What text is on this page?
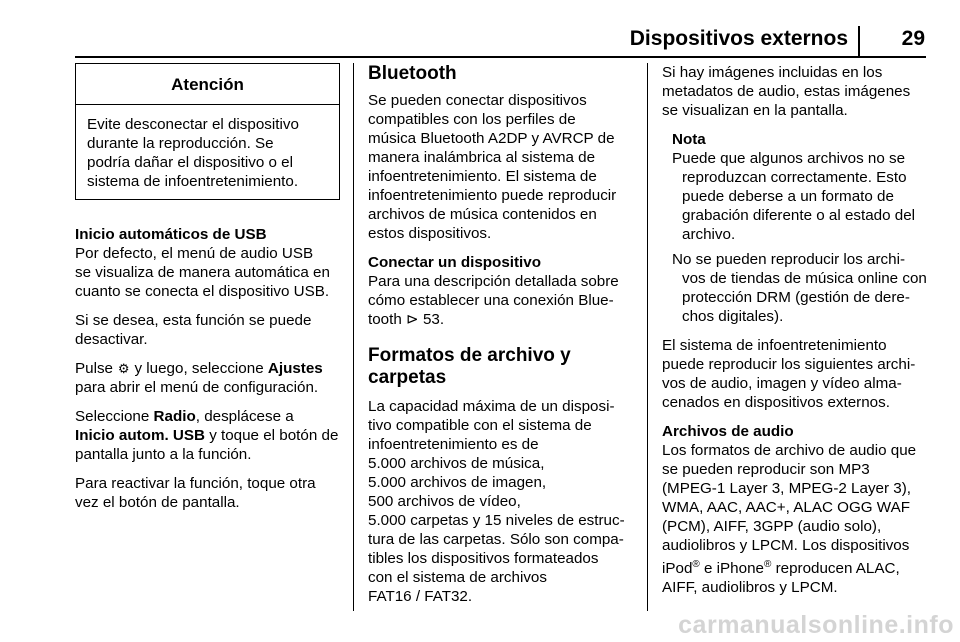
Dispositivos externos	29
Atención
Evite desconectar el dispositivo
durante la reproducción. Se
podría dañar el dispositivo o el
sistema de infoentretenimiento.
Inicio automáticos de USB

Por defecto, el menú de audio USB
se visualiza de manera automática en
cuanto se conecta el dispositivo USB.

Si se desea, esta función se puede
desactivar.

Pulse ⚙ y luego, seleccione Ajustes
para abrir el menú de configuración.

Seleccione Radio, desplácese a
Inicio autom. USB y toque el botón de
pantalla junto a la función.

Para reactivar la función, toque otra
vez el botón de pantalla.

Bluetooth

Se pueden conectar dispositivos
compatibles con los perfiles de
música Bluetooth A2DP y AVRCP de
manera inalámbrica al sistema de
infoentretenimiento. El sistema de
infoentretenimiento puede reproducir
archivos de música contenidos en
estos dispositivos.

Conectar un dispositivo

Para una descripción detallada sobre
cómo establecer una conexión Blue‐
tooth ⊳ 53.

Formatos de archivo y carpetas

La capacidad máxima de un disposi‐
tivo compatible con el sistema de
infoentretenimiento es de
5.000 archivos de música,
5.000 archivos de imagen,
500 archivos de vídeo,
5.000 carpetas y 15 niveles de estruc‐
tura de las carpetas. Sólo son compa‐
tibles los dispositivos formateados
con el sistema de archivos
FAT16 / FAT32.

Si hay imágenes incluidas en los
metadatos de audio, estas imágenes
se visualizan en la pantalla.

Nota

Puede que algunos archivos no se
reproduzcan correctamente. Esto
puede deberse a un formato de
grabación diferente o al estado del
archivo.

No se pueden reproducir los archi‐
vos de tiendas de música online con
protección DRM (gestión de dere‐
chos digitales).

El sistema de infoentretenimiento
puede reproducir los siguientes archi‐
vos de audio, imagen y vídeo alma‐
cenados en dispositivos externos.

Archivos de audio

Los formatos de archivo de audio que
se pueden reproducir son MP3
(MPEG-1 Layer 3, MPEG-2 Layer 3),
WMA, AAC, AAC+, ALAC OGG WAF
(PCM), AIFF, 3GPP (audio solo),
audiolibros y LPCM. Los dispositivos
iPod® e iPhone® reproducen ALAC,
AIFF, audiolibros y LPCM.

carmanualsonline.info
